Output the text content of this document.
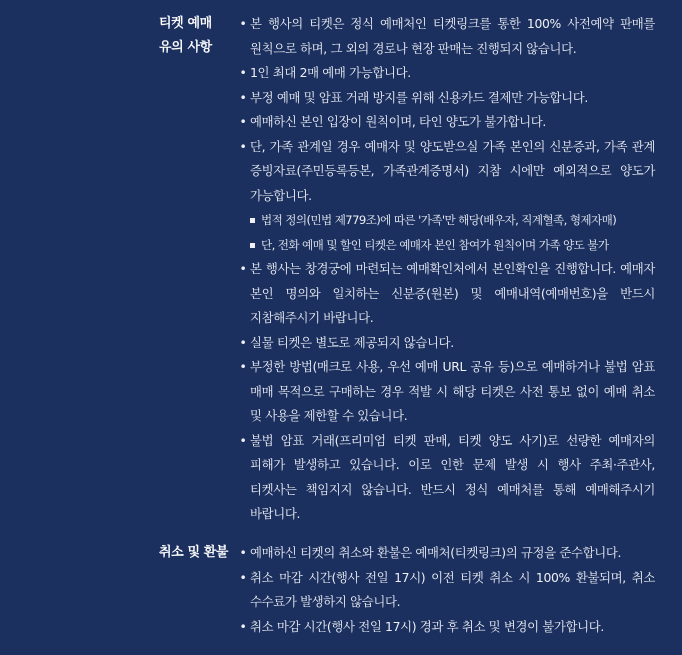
티켓 예매
유의 사항
• 본 행사의 티켓은 정식 예매처인 티켓링크를 통한 100% 사전예약 판매를 원칙으로 하며, 그 외의 경로나 현장 판매는 진행되지 않습니다.
• 1인 최대 2매 예매 가능합니다.
• 부정 예매 및 암표 거래 방지를 위해 신용카드 결제만 가능합니다.
• 예매하신 본인 입장이 원칙이며, 타인 양도가 불가합니다.
• 단, 가족 관계일 경우 예매자 및 양도받으실 가족 본인의 신분증과, 가족 관계 증빙자료(주민등록등본, 가족관계증명서) 지참 시에만 예외적으로 양도가 가능합니다.
법적 정의(민법 제779조)에 따른 '가족'만 해당(배우자, 직계혈족, 형제자매)
단, 전화 예매 및 할인 티켓은 예매자 본인 참여가 원칙이며 가족 양도 불가
• 본 행사는 창경궁에 마련되는 예매확인처에서 본인확인을 진행합니다. 예매자 본인 명의와 일치하는 신분증(원본) 및 예매내역(예매번호)을 반드시 지참해주시기 바랍니다.
• 실물 티켓은 별도로 제공되지 않습니다.
• 부정한 방법(매크로 사용, 우선 예매 URL 공유 등)으로 예매하거나 불법 암표 매매 목적으로 구매하는 경우 적발 시 해당 티켓은 사전 통보 없이 예매 취소 및 사용을 제한할 수 있습니다.
• 불법 암표 거래(프리미엄 티켓 판매, 티켓 양도 사기)로 선량한 예매자의 피해가 발생하고 있습니다. 이로 인한 문제 발생 시 행사 주최·주관사, 티켓사는 책임지지 않습니다. 반드시 정식 예매처를 통해 예매해주시기 바랍니다.
취소 및 환불 • 예매하신 티켓의 취소와 환불은 예매처(티켓링크)의 규정을 준수합니다.
• 취소 마감 시간(행사 전일 17시) 이전 티켓 취소 시 100% 환불되며, 취소 수수료가 발생하지 않습니다.
• 취소 마감 시간(행사 전일 17시) 경과 후 취소 및 변경이 불가합니다.
